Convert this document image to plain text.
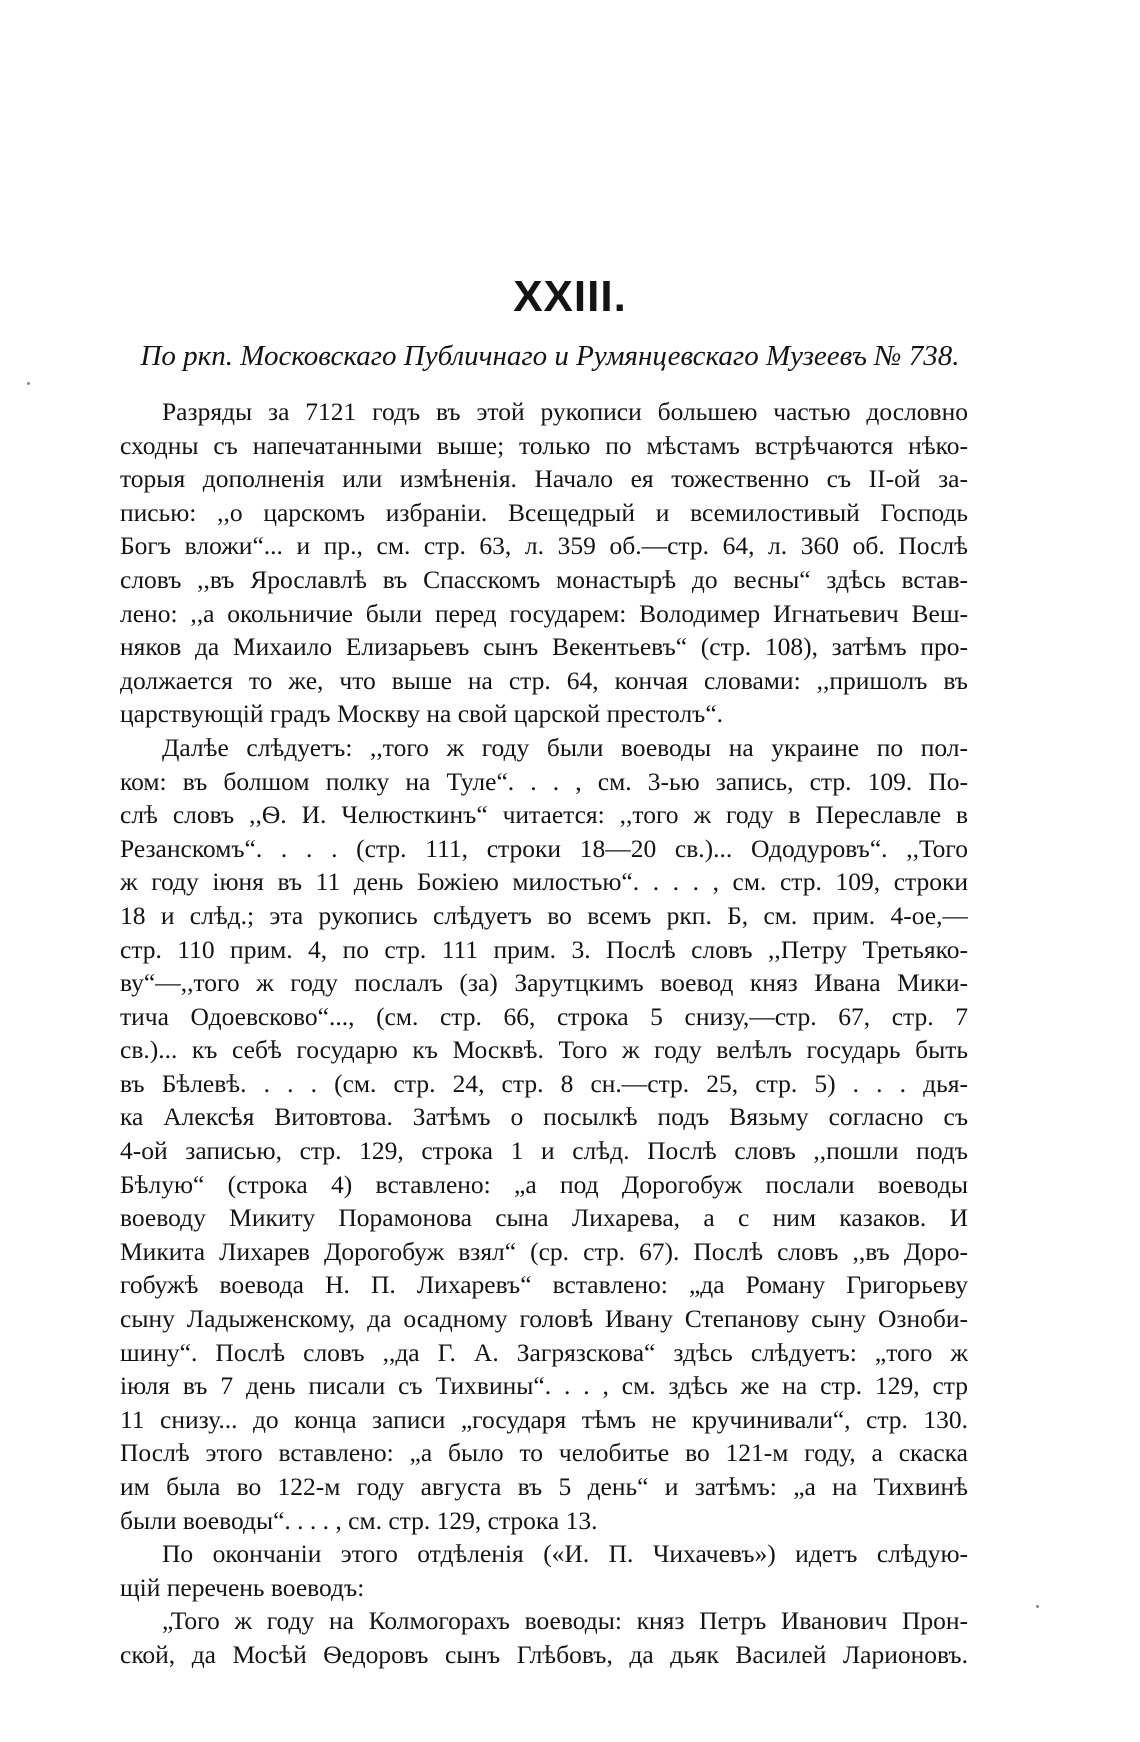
XXIII.
По ркп. Московскаго Публичнаго и Румянцевскаго Музеевъ № 738.
Разряды за 7121 годъ въ этой рукописи большею частью дословно
сходны съ напечатанными выше; только по мѣстамъ встрѣчаются нѣко-
торыя дополненія или измѣненія. Начало ея тожественно съ II-ой за-
писью: ,,о царскомъ избраніи. Всещедрый и всемилостивый Господь
Богъ вложи“... и пр., см. стр. 63, л. 359 об.—стр. 64, л. 360 об. Послѣ
словъ ,,въ Ярославлѣ въ Спасскомъ монастырѣ до весны“ здѣсь встав-
лено: ,,а окольничие были перед государем: Володимер Игнатьевич Веш-
няков да Михаило Елизарьевъ сынъ Векентьевъ“ (стр. 108), затѣмъ про-
должается то же, что выше на стр. 64, кончая словами: ,,пришолъ въ
царствующій градъ Москву на свой царской престолъ“.
Далѣе слѣдуетъ: ,,того ж году были воеводы на украине по пол-
ком: въ болшом полку на Туле“. . . , см. 3-ью запись, стр. 109. По-
слѣ словъ ,,Ѳ. И. Челюсткинъ“ читается: ,,того ж году в Переславле в
Резанскомъ“. . . . (стр. 111, строки 18—20 св.)... Ододуровъ“. ,,Того
ж году іюня въ 11 день Божіею милостью“. . . . , см. стр. 109, строки
18 и слѣд.; эта рукопись слѣдуетъ во всемъ ркп. Б, см. прим. 4-ое,—
стр. 110 прим. 4, по стр. 111 прим. 3. Послѣ словъ ,,Петру Третьяко-
ву“—,,того ж году послалъ (за) Зарутцкимъ воевод княз Ивана Мики-
тича Одоевсково“..., (см. стр. 66, строка 5 снизу,—стр. 67, стр. 7
св.)... къ себѣ государю къ Москвѣ. Того ж году велѣлъ государь быть
въ Бѣлевѣ. . . . (см. стр. 24, стр. 8 сн.—стр. 25, стр. 5) . . . дья-
ка Алексѣя Витовтова. Затѣмъ о посылкѣ подъ Вязьму согласно съ
4-ой записью, стр. 129, строка 1 и слѣд. Послѣ словъ ,,пошли подъ
Бѣлую“ (строка 4) вставлено: „а под Дорогобуж послали воеводы
воеводу Микиту Порамонова сына Лихарева, а с ним казаков. И
Микита Лихарев Дорогобуж взял“ (ср. стр. 67). Послѣ словъ ,,въ Доро-
гобужѣ воевода Н. П. Лихаревъ“ вставлено: „да Роману Григорьеву
сыну Ладыженскому, да осадному головѣ Ивану Степанову сыну Озноби-
шину“. Послѣ словъ ,,да Г. А. Загрязскова“ здѣсь слѣдуетъ: „того ж
іюля въ 7 день писали съ Тихвины“. . . , см. здѣсь же на стр. 129, стр
11 снизу... до конца записи „государя тѣмъ не кручинивали“, стр. 130.
Послѣ этого вставлено: „а было то челобитье во 121-м году, а скаска
им была во 122-м году августа въ 5 день“ и затѣмъ: „а на Тихвинѣ
были воеводы“. . . . , см. стр. 129, строка 13.
По окончаніи этого отдѣленія («И. П. Чихачевъ») идетъ слѣдую-
щій перечень воеводъ:
„Того ж году на Колмогорахъ воеводы: княз Петръ Иванович Прон-
ской, да Мосѣй Ѳедоровъ сынъ Глѣбовъ, да дьяк Василей Ларионовъ.
